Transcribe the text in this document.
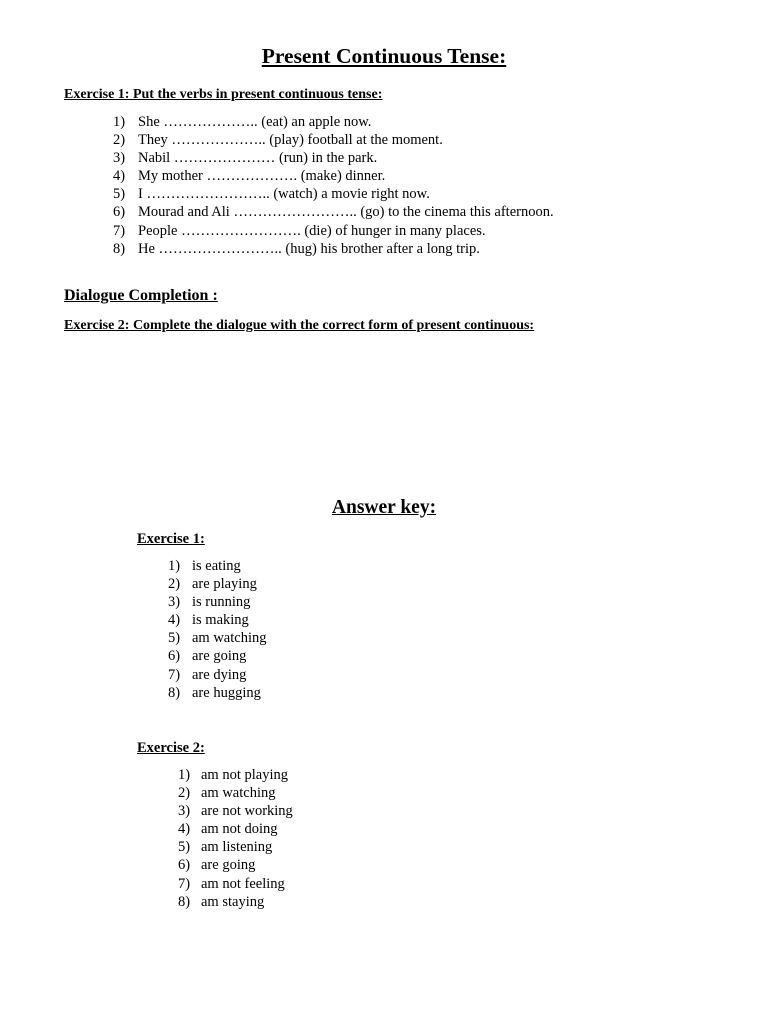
Present Continuous Tense:
Exercise 1: Put the verbs in present continuous tense:
1) She ……………….. (eat) an apple now.
2) They ……………….. (play) football at the moment.
3) Nabil ………………… (run) in the park.
4) My mother ………………. (make) dinner.
5) I …………………….. (watch) a movie right now.
6) Mourad and Ali …………………….. (go) to the cinema this afternoon.
7) People ……………………. (die) of hunger in many places.
8) He …………………….. (hug) his brother after a long trip.
Dialogue Completion :
Exercise 2: Complete the dialogue with the correct form of present continuous:
Answer key:
Exercise 1:
1) is eating
2) are playing
3) is running
4) is making
5) am watching
6) are going
7) are dying
8) are hugging
Exercise 2:
1) am not playing
2) am watching
3) are not working
4) am not doing
5) am listening
6) are going
7) am not feeling
8) am staying
